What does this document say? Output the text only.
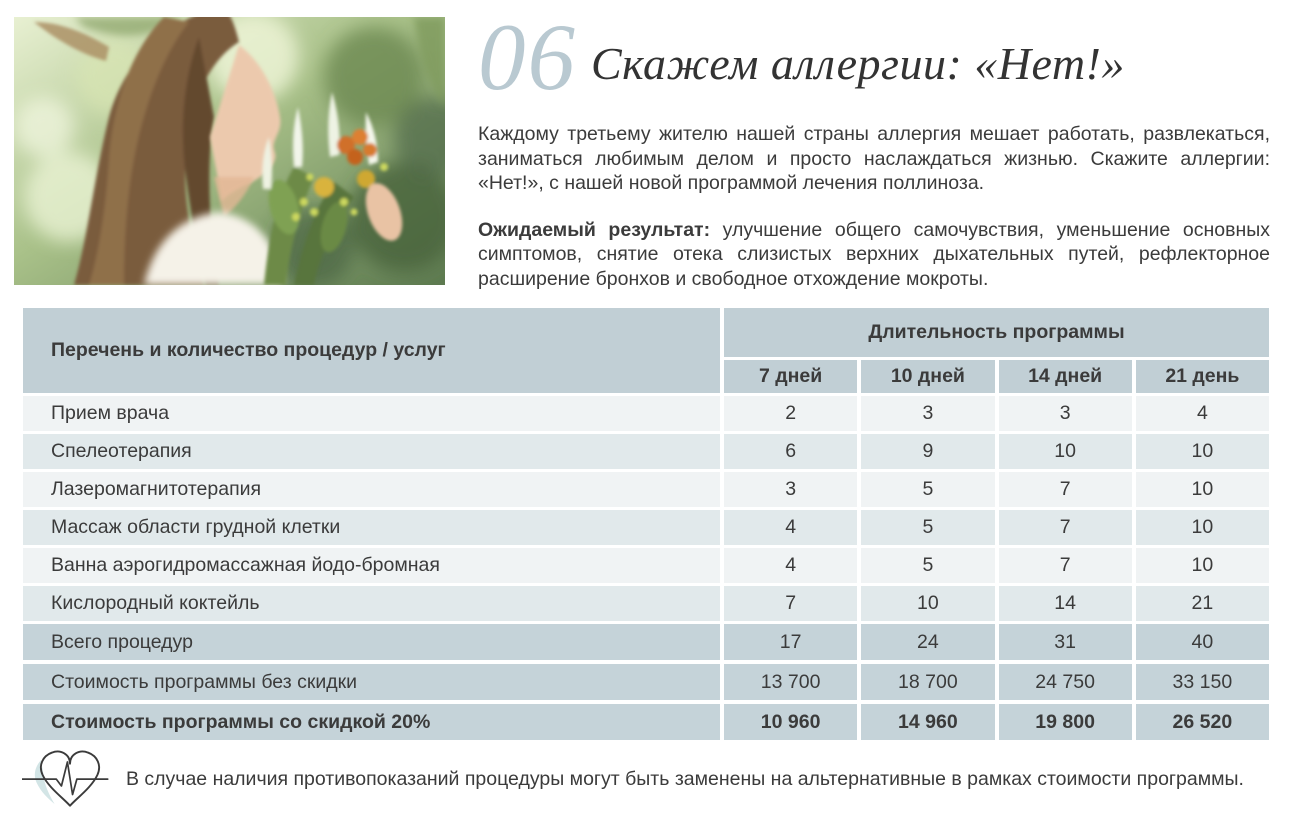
06 Скажем аллергии: «Нет!»

Каждому третьему жителю нашей страны аллергия мешает работать, развлекаться, заниматься любимым делом и просто наслаждаться жизнью. Скажите аллергии: «Нет!», с нашей новой программой лечения поллиноза.

Ожидаемый результат: улучшение общего самочувствия, уменьшение основных симптомов, снятие отека слизистых верхних дыхательных путей, рефлекторное расширение бронхов и свободное отхождение мокроты.

Перечень и количество процедур / услуг
Длительность программы
7 дней	10 дней	14 дней	21 день
Прием врача	2	3	3	4
Спелеотерапия	6	9	10	10
Лазеромагнитотерапия	3	5	7	10
Массаж области грудной клетки	4	5	7	10
Ванна аэрогидромассажная йодо-бромная	4	5	7	10
Кислородный коктейль	7	10	14	21
Всего процедур	17	24	31	40
Стоимость программы без скидки	13 700	18 700	24 750	33 150
Стоимость программы со скидкой 20%	10 960	14 960	19 800	26 520
В случае наличия противопоказаний процедуры могут быть заменены на альтернативные в рамках стоимости программы.
